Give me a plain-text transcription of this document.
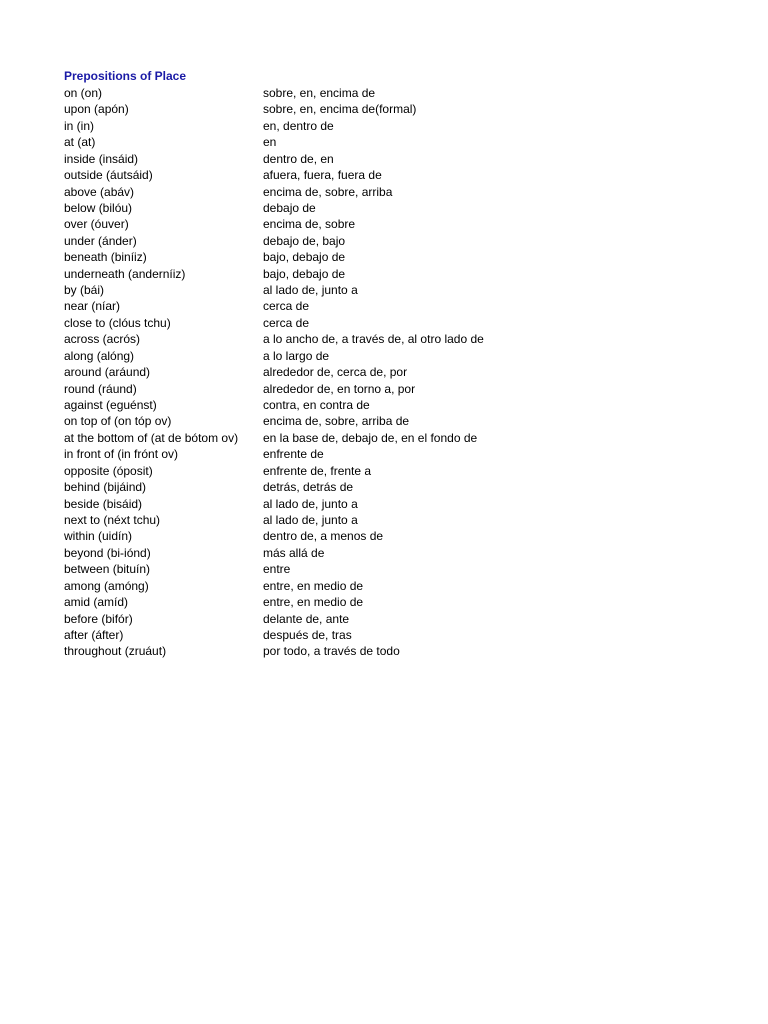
Prepositions of Place
on (on)	sobre, en, encima de
upon (apón)	sobre, en, encima de(formal)
in (in)	en, dentro de
at (at)	en
inside (insáid)	dentro de, en
outside (áutsáid)	afuera, fuera, fuera de
above (abáv)	encima de, sobre, arriba
below (bilóu)	debajo de
over (óuver)	encima de, sobre
under (ánder)	debajo de, bajo
beneath (biníiz)	bajo, debajo de
underneath (anderníiz)	bajo, debajo de
by (bái)	al lado de, junto a
near (níar)	cerca de
close to (clóus tchu)	cerca de
across (acrós)	a lo ancho de, a través de, al otro lado de
along (alóng)	a lo largo de
around (aráund)	alrededor de, cerca de, por
round (ráund)	alrededor de, en torno a, por
against (eguénst)	contra, en contra de
on top of (on tóp ov)	encima de, sobre, arriba de
at the bottom of (at de bótom ov)	en la base de, debajo de, en el fondo de
in front of (in frónt ov)	enfrente de
opposite (óposit)	enfrente de, frente a
behind (bijáind)	detrás, detrás de
beside (bisáid)	al lado de, junto a
next to (néxt tchu)	al lado de, junto a
within (uidín)	dentro de, a menos de
beyond (bi-iónd)	más allá de
between (bituín)	entre
among (amóng)	entre, en medio de
amid (amíd)	entre, en medio de
before (bifór)	delante de, ante
after (áfter)	después de, tras
throughout (zruáut)	por todo, a través de todo
